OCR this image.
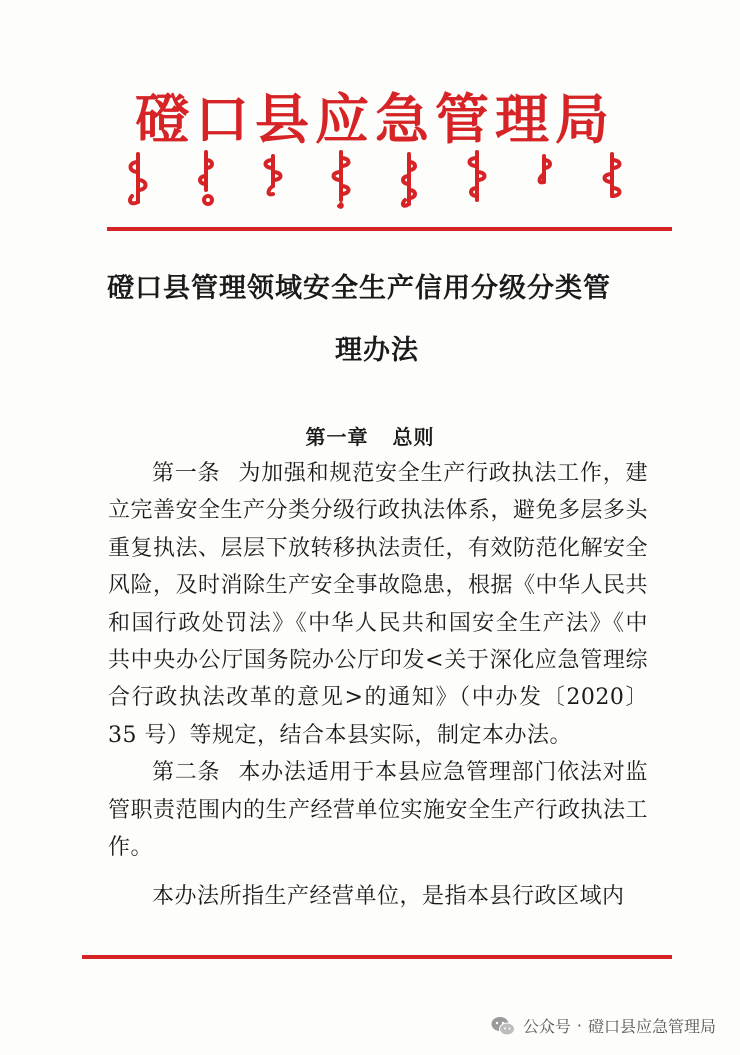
磴口县应急管理局
磴口县管理领域安全生产信用分级分类管
理办法
第一章 总则

第一条 为加强和规范安全生产行政执法工作，建立完善安全生产分类分级行政执法体系，避免多层多头重复执法、层层下放转移执法责任，有效防范化解安全风险，及时消除生产安全事故隐患，根据《中华人民共和国行政处罚法》《中华人民共和国安全生产法》《中共中央办公厅国务院办公厅印发<关于深化应急管理综合行政执法改革的意见>的通知》（中办发〔2020〕35 号）等规定，结合本县实际，制定本办法。

第二条 本办法适用于本县应急管理部门依法对监管职责范围内的生产经营单位实施安全生产行政执法工作。

本办法所指生产经营单位，是指本县行政区域内

公众号 · 磴口县应急管理局
